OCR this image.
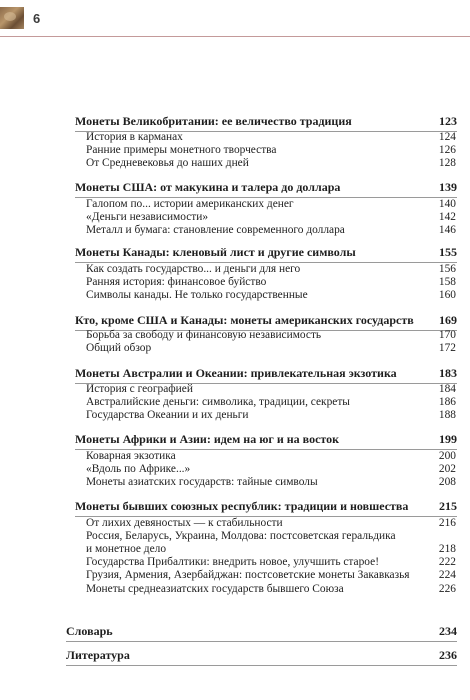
6
Монеты Великобритании: ее величество традиция	123
История в карманах	124
Ранние примеры монетного творчества	126
От Средневековья до наших дней	128
Монеты США: от макукина и талера до доллара	139
Галопом по... истории американских денег	140
«Деньги независимости»	142
Металл и бумага: становление современного доллара	146
Монеты Канады: кленовый лист и другие символы	155
Как создать государство... и деньги для него	156
Ранняя история: финансовое буйство	158
Символы канады. Не только государственные	160
Кто, кроме США и Канады: монеты американских государств 169
Борьба за свободу и финансовую независимость	170
Общий обзор	172
Монеты Австралии и Океании: привлекательная экзотика	183
История с географией	184
Австралийские деньги: символика, традиции, секреты	186
Государства Океании и их деньги	188
Монеты Африки и Азии: идем на юг и на восток	199
Коварная экзотика	200
«Вдоль по Африке...»	202
Монеты азиатских государств: тайные символы	208
Монеты бывших союзных республик: традиции и новшества	215
От лихих девяностых — к стабильности	216
Россия, Беларусь, Украина, Молдова: постсоветская геральдика
и монетное дело	218
Государства Прибалтики: внедрить новое, улучшить старое!	222
Грузия, Армения, Азербайджан: постсоветские монеты Закавказья	224
Монеты среднеазиатских государств бывшего Союза	226
Словарь	234
Литература	236
